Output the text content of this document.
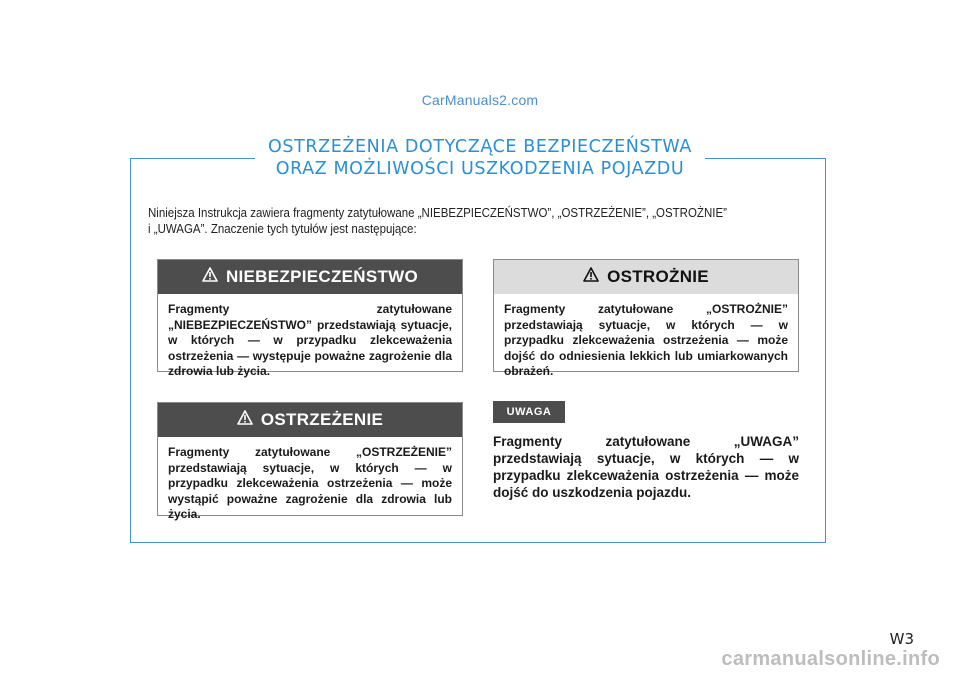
CarManuals2.com
OSTRZEŻENIA DOTYCZĄCE BEZPIECZEŃSTWA
ORAZ MOŻLIWOŚCI USZKODZENIA POJAZDU
Niniejsza Instrukcja zawiera fragmenty zatytułowane „NIEBEZPIECZEŃSTWO”, „OSTRZEŻENIE”, „OSTROŻNIE”
i „UWAGA”. Znaczenie tych tytułów jest następujące:
NIEBEZPIECZEŃSTWO
Fragmenty zatytułowane „NIEBEZPIECZEŃSTWO” przedstawiają sytuacje, w których — w przypadku zlekceważenia ostrzeżenia — występuje poważne zagrożenie dla zdrowia lub życia.
OSTRZEŻENIE
Fragmenty zatytułowane „OSTRZEŻENIE” przedstawiają sytuacje, w których — w przypadku zlekceważenia ostrzeżenia — może wystąpić poważne zagrożenie dla zdrowia lub życia.
OSTROŻNIE
Fragmenty zatytułowane „OSTROŻNIE” przedstawiają sytuacje, w których — w przypadku zlekceważenia ostrzeżenia — może dojść do odniesienia lekkich lub umiarkowanych obrażeń.
UWAGA
Fragmenty zatytułowane „UWAGA” przedstawiają sytuacje, w których — w przypadku zlekceważenia ostrzeżenia — może dojść do uszkodzenia pojazdu.
W3
carmanualsonline.info
